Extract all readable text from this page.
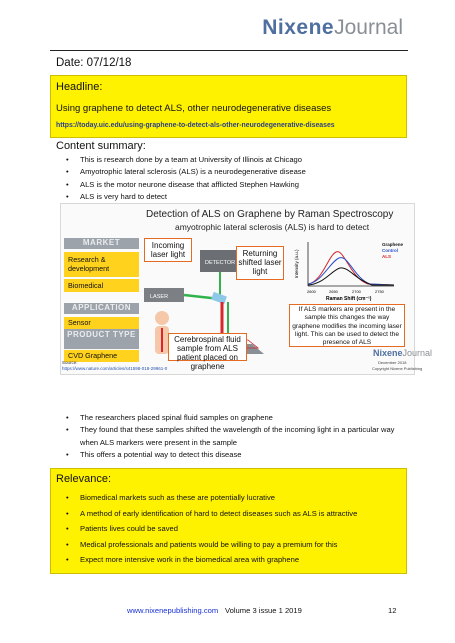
NixeneJournal
Date: 07/12/18
Headline:
Using graphene to detect ALS, other neurodegenerative diseases
https://today.uic.edu/using-graphene-to-detect-als-other-neurodegenerative-diseases
Content summary:
• This is research done by a team at University of Illinois at Chicago
• Amyotrophic lateral sclerosis (ALS) is a neurodegenerative disease
• ALS is the motor neurone disease that afflicted Stephen Hawking
• ALS is very hard to detect
Detection of ALS on Graphene by Raman Spectroscopy
amyotrophic lateral sclerosis (ALS) is hard to detect
MARKET
Research & development
Biomedical
APPLICATION
Sensor
PRODUCT TYPE
CVD Graphene
DETECTOR
LASER
Incoming laser light	Returning shifted laser light
Cerebrospinal fluid sample from ALS patient placed on graphene
Intensity (a.u.)
2600	2650	2700	2750
Raman Shift (cm⁻¹)
Graphene
Control
ALS
If ALS markers are present in the sample this changes the way graphene modifies the incoming laser light. This can be used to detect the presence of ALS
Source:
https://www.nature.com/articles/s41598-018-29961-0
NixeneJournal
December 2018
Copyright Nixene Publishing
• The researchers placed spinal fluid samples on graphene
• They found that these samples shifted the wavelength of the incoming light in a particular way when ALS markers were present in the sample
• This offers a potential way to detect this disease
Relevance:
• Biomedical markets such as these are potentially lucrative
• A method of early identification of hard to detect diseases such as ALS is attractive
• Patients lives could be saved
• Medical professionals and patients would be willing to pay a premium for this
• Expect more intensive work in the biomedical area with graphene
www.nixenepublishing.com Volume 3 issue 1 2019	12
